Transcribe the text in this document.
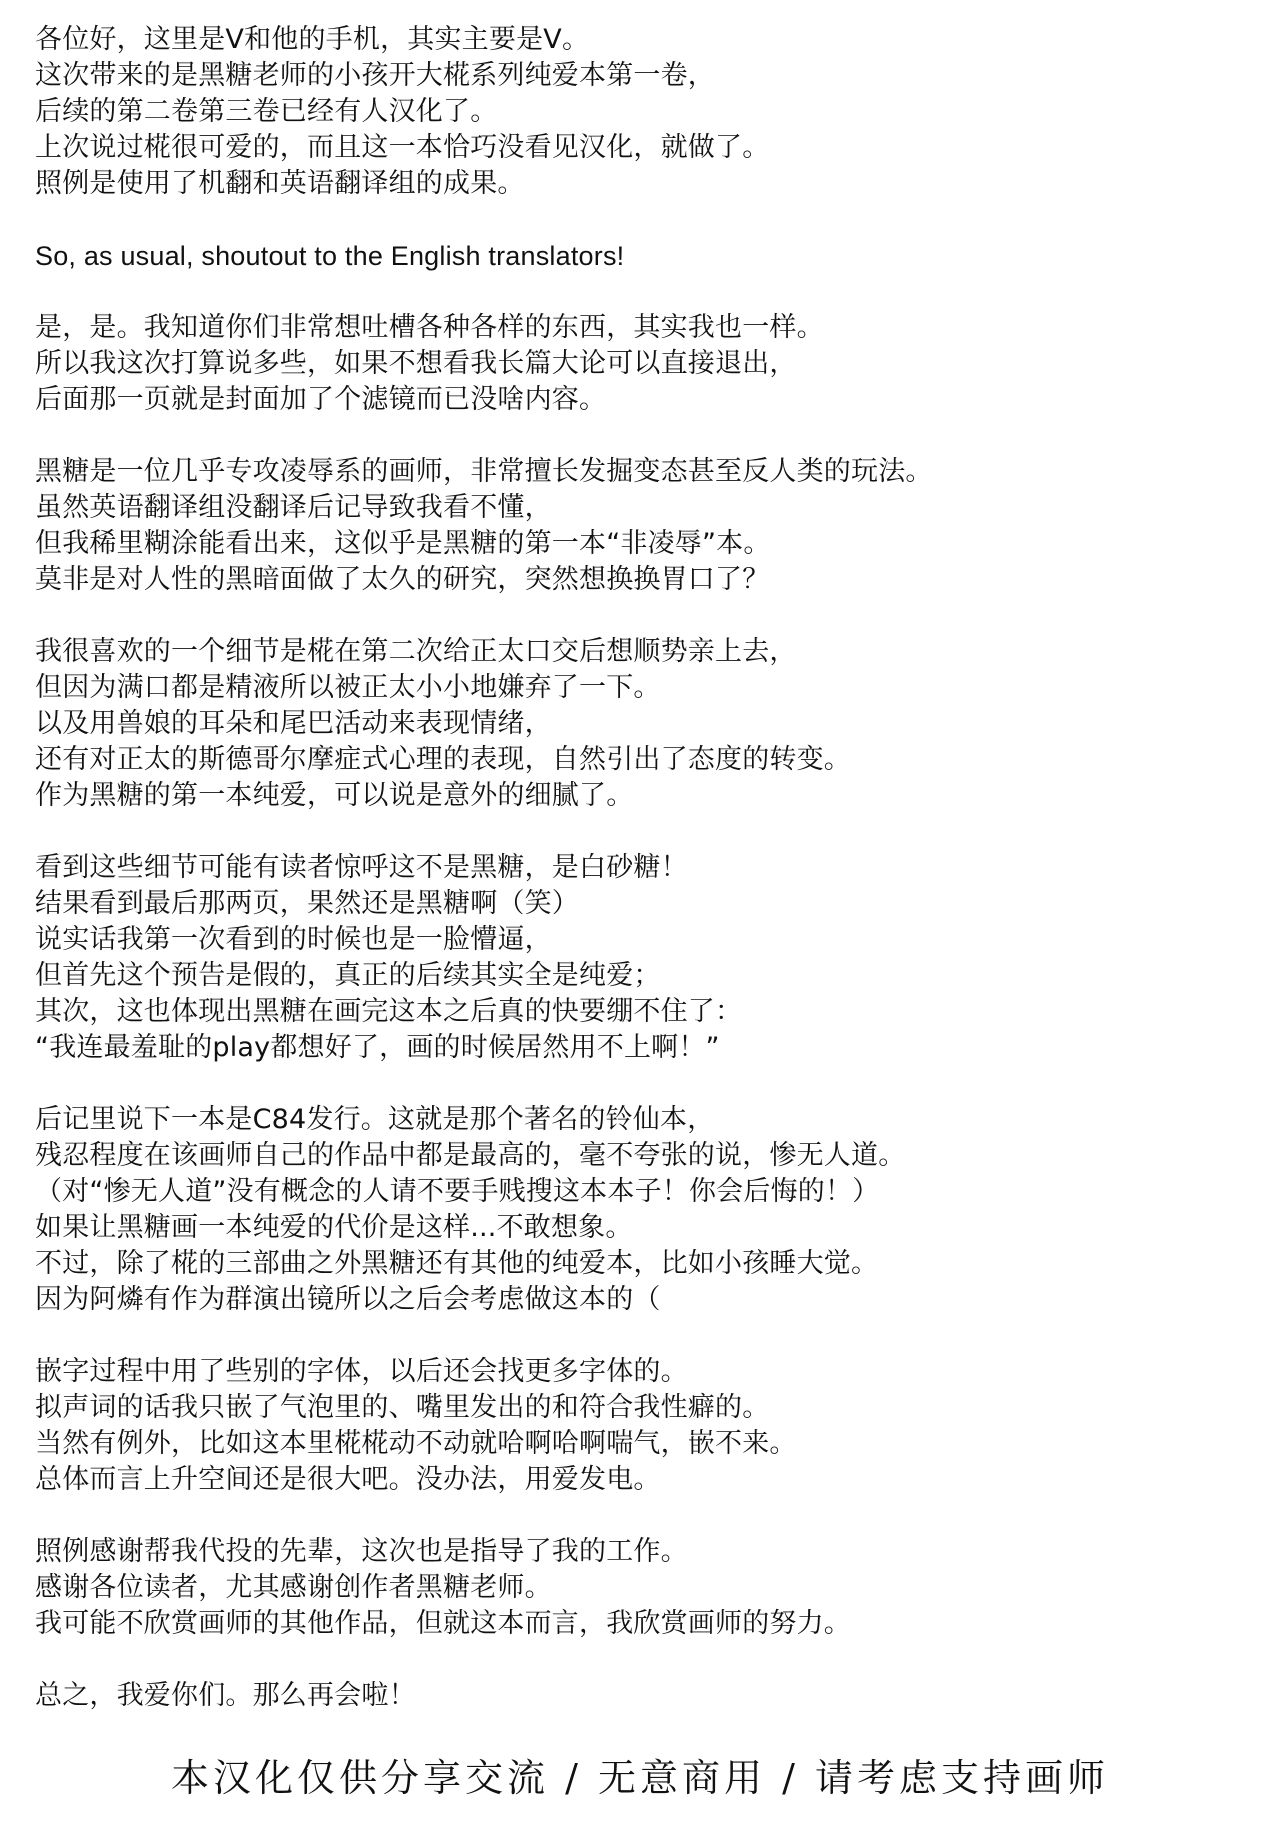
各位好，这里是V和他的手机，其实主要是V。
这次带来的是黑糖老师的小孩开大椛系列纯爱本第一卷，
后续的第二卷第三卷已经有人汉化了。
上次说过椛很可爱的，而且这一本恰巧没看见汉化，就做了。
照例是使用了机翻和英语翻译组的成果。
So, as usual, shoutout to the English translators!
是，是。我知道你们非常想吐槽各种各样的东西，其实我也一样。
所以我这次打算说多些，如果不想看我长篇大论可以直接退出，
后面那一页就是封面加了个滤镜而已没啥内容。
黑糖是一位几乎专攻凌辱系的画师，非常擅长发掘变态甚至反人类的玩法。
虽然英语翻译组没翻译后记导致我看不懂，
但我稀里糊涂能看出来，这似乎是黑糖的第一本“非凌辱”本。
莫非是对人性的黑暗面做了太久的研究，突然想换换胃口了？
我很喜欢的一个细节是椛在第二次给正太口交后想顺势亲上去，
但因为满口都是精液所以被正太小小地嫌弃了一下。
以及用兽娘的耳朵和尾巴活动来表现情绪，
还有对正太的斯德哥尔摩症式心理的表现，自然引出了态度的转变。
作为黑糖的第一本纯爱，可以说是意外的细腻了。
看到这些细节可能有读者惊呼这不是黑糖，是白砂糖！
结果看到最后那两页，果然还是黑糖啊（笑）
说实话我第一次看到的时候也是一脸懵逼，
但首先这个预告是假的，真正的后续其实全是纯爱；
其次，这也体现出黑糖在画完这本之后真的快要绷不住了：
“我连最羞耻的play都想好了，画的时候居然用不上啊！”
后记里说下一本是C84发行。这就是那个著名的铃仙本，
残忍程度在该画师自己的作品中都是最高的，毫不夸张的说，惨无人道。
（对“惨无人道”没有概念的人请不要手贱搜这本本子！你会后悔的！）
如果让黑糖画一本纯爱的代价是这样...不敢想象。
不过，除了椛的三部曲之外黑糖还有其他的纯爱本，比如小孩睡大觉。
因为阿燐有作为群演出镜所以之后会考虑做这本的（
嵌字过程中用了些别的字体，以后还会找更多字体的。
拟声词的话我只嵌了气泡里的、嘴里发出的和符合我性癖的。
当然有例外，比如这本里椛椛动不动就哈啊哈啊喘气，嵌不来。
总体而言上升空间还是很大吧。没办法，用爱发电。
照例感谢帮我代投的先辈，这次也是指导了我的工作。
感谢各位读者，尤其感谢创作者黑糖老师。
我可能不欣赏画师的其他作品，但就这本而言，我欣赏画师的努力。
总之，我爱你们。那么再会啦！
本汉化仅供分享交流 / 无意商用 / 请考虑支持画师
